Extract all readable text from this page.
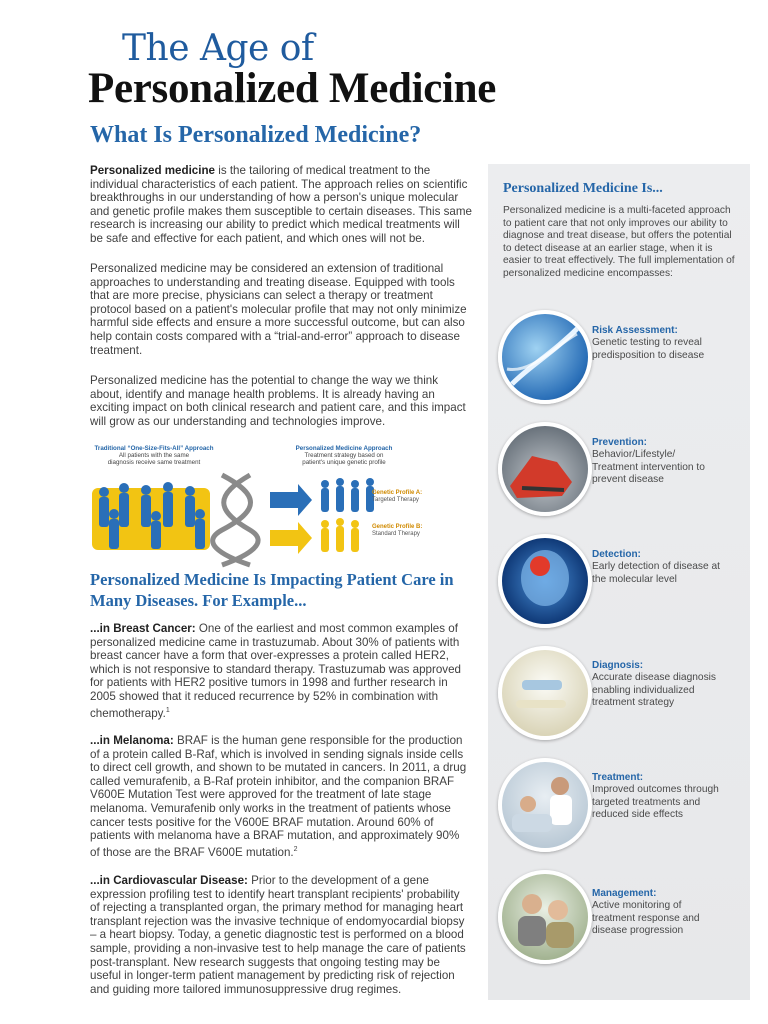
The Age of
Personalized Medicine
What Is Personalized Medicine?
Personalized medicine is the tailoring of medical treatment to the individual characteristics of each patient. The approach relies on scientific breakthroughs in our understanding of how a person's unique molecular and genetic profile makes them susceptible to certain diseases. This same research is increasing our ability to predict which medical treatments will be safe and effective for each patient, and which ones will not be.
Personalized medicine may be considered an extension of traditional approaches to understanding and treating disease. Equipped with tools that are more precise, physicians can select a therapy or treatment protocol based on a patient's molecular profile that may not only minimize harmful side effects and ensure a more successful outcome, but can also help contain costs compared with a “trial-and-error” approach to disease treatment.
Personalized medicine has the potential to change the way we think about, identify and manage health problems. It is already having an exciting impact on both clinical research and patient care, and this impact will grow as our understanding and technologies improve.
Traditional “One-Size-Fits-All” Approach
All patients with the same
diagnosis receive same treatment
Personalized Medicine Approach
Treatment strategy based on
patient's unique genetic profile
Genetic Profile A:
Targeted Therapy
Genetic Profile B:
Standard Therapy
Personalized Medicine Is Impacting Patient Care in Many Diseases. For Example...
...in Breast Cancer: One of the earliest and most common examples of personalized medicine came in trastuzumab. About 30% of patients with breast cancer have a form that over-expresses a protein called HER2, which is not responsive to standard therapy. Trastuzumab was approved for patients with HER2 positive tumors in 1998 and further research in 2005 showed that it reduced recurrence by 52% in combination with chemotherapy.$^1$
...in Melanoma: BRAF is the human gene responsible for the production of a protein called B-Raf, which is involved in sending signals inside cells to direct cell growth, and shown to be mutated in cancers. In 2011, a drug called vemurafenib, a B-Raf protein inhibitor, and the companion BRAF V600E Mutation Test were approved for the treatment of late stage melanoma. Vemurafenib only works in the treatment of patients whose cancer tests positive for the V600E BRAF mutation. Around 60% of patients with melanoma have a BRAF mutation, and approximately 90% of those are the BRAF V600E mutation.$^2$
...in Cardiovascular Disease: Prior to the development of a gene expression profiling test to identify heart transplant recipients' probability of rejecting a transplanted organ, the primary method for managing heart transplant rejection was the invasive technique of endomyocardial biopsy – a heart biopsy. Today, a genetic diagnostic test is performed on a blood sample, providing a non-invasive test to help manage the care of patients post-transplant. New research suggests that ongoing testing may be useful in longer-term patient management by predicting risk of rejection and guiding more tailored immunosuppressive drug regimes.
Personalized Medicine Is...
Personalized medicine is a multi-faceted approach to patient care that not only improves our ability to diagnose and treat disease, but offers the potential to detect disease at an earlier stage, when it is easier to treat effectively. The full implementation of personalized medicine encompasses:
Risk Assessment:
Genetic testing to reveal predisposition to disease
Prevention:
Behavior/Lifestyle/ Treatment intervention to prevent disease
Detection:
Early detection of disease at the molecular level
Diagnosis:
Accurate disease diagnosis enabling individualized treatment strategy
Treatment:
Improved outcomes through targeted treatments and reduced side effects
Management:
Active monitoring of treatment response and disease progression
